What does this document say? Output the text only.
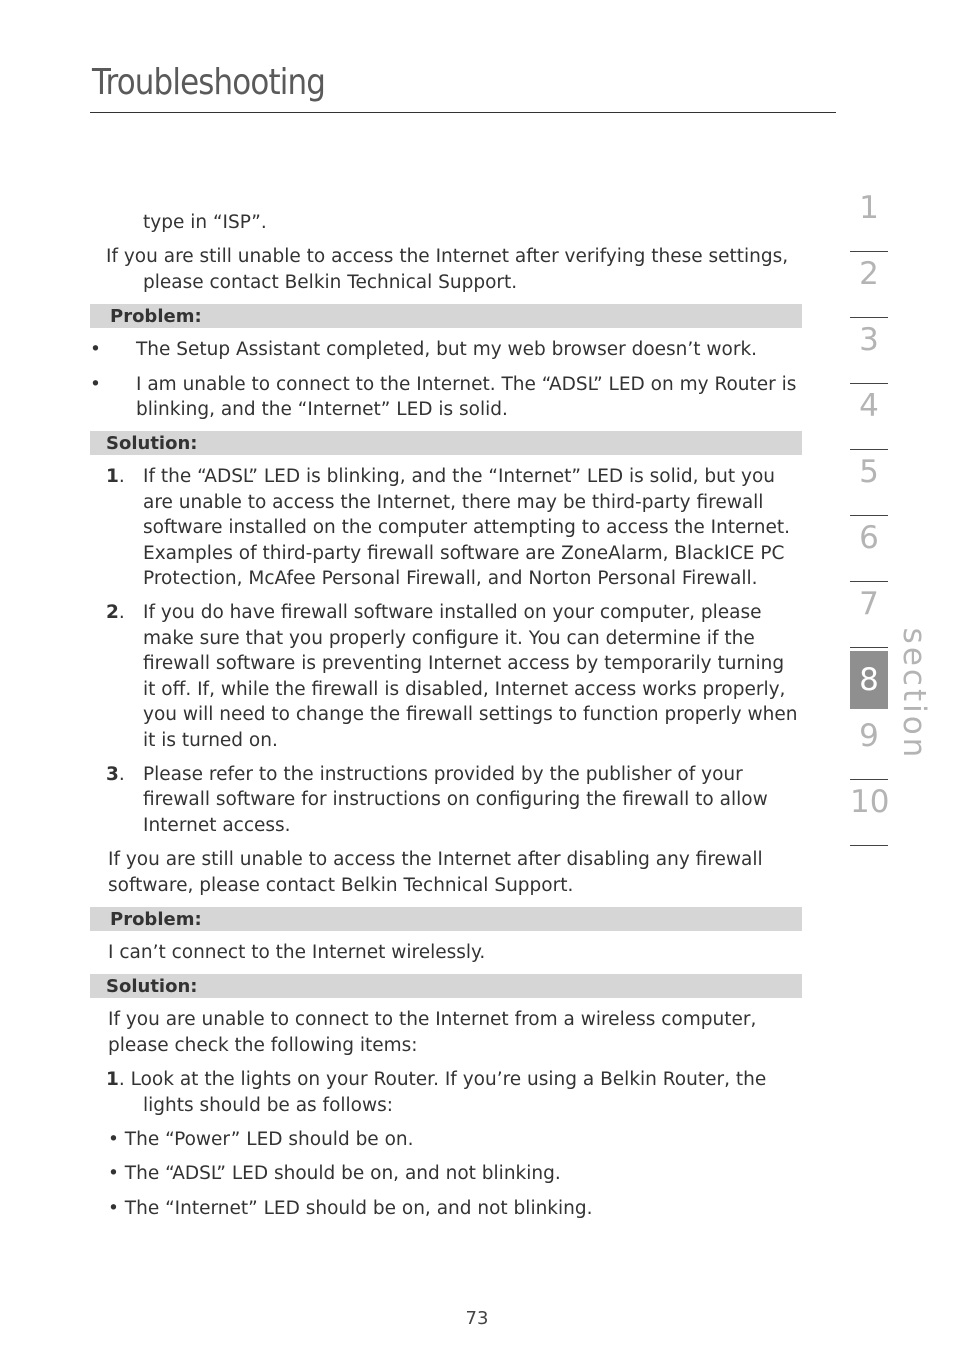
Troubleshooting

type in “ISP”.

If you are still unable to access the Internet after verifying these settings, please contact Belkin Technical Support.

Problem:
• The Setup Assistant completed, but my web browser doesn’t work.
• I am unable to connect to the Internet. The “ADSL” LED on my Router is blinking, and the “Internet” LED is solid.
Solution:
1. If the “ADSL” LED is blinking, and the “Internet” LED is solid, but you are unable to access the Internet, there may be third-party firewall software installed on the computer attempting to access the Internet. Examples of third-party firewall software are ZoneAlarm, BlackICE PC Protection, McAfee Personal Firewall, and Norton Personal Firewall.
2. If you do have firewall software installed on your computer, please make sure that you properly configure it. You can determine if the firewall software is preventing Internet access by temporarily turning it off. If, while the firewall is disabled, Internet access works properly, you will need to change the firewall settings to function properly when it is turned on.
3. Please refer to the instructions provided by the publisher of your firewall software for instructions on configuring the firewall to allow Internet access.

If you are still unable to access the Internet after disabling any firewall software, please contact Belkin Technical Support.

Problem:

I can’t connect to the Internet wirelessly.

Solution:

If you are unable to connect to the Internet from a wireless computer, please check the following items:

1. Look at the lights on your Router. If you’re using a Belkin Router, the lights should be as follows:

• The “Power” LED should be on.

• The “ADSL” LED should be on, and not blinking.

• The “Internet” LED should be on, and not blinking.

1
2
3
4
5
6
7
8
9
10
section
73
